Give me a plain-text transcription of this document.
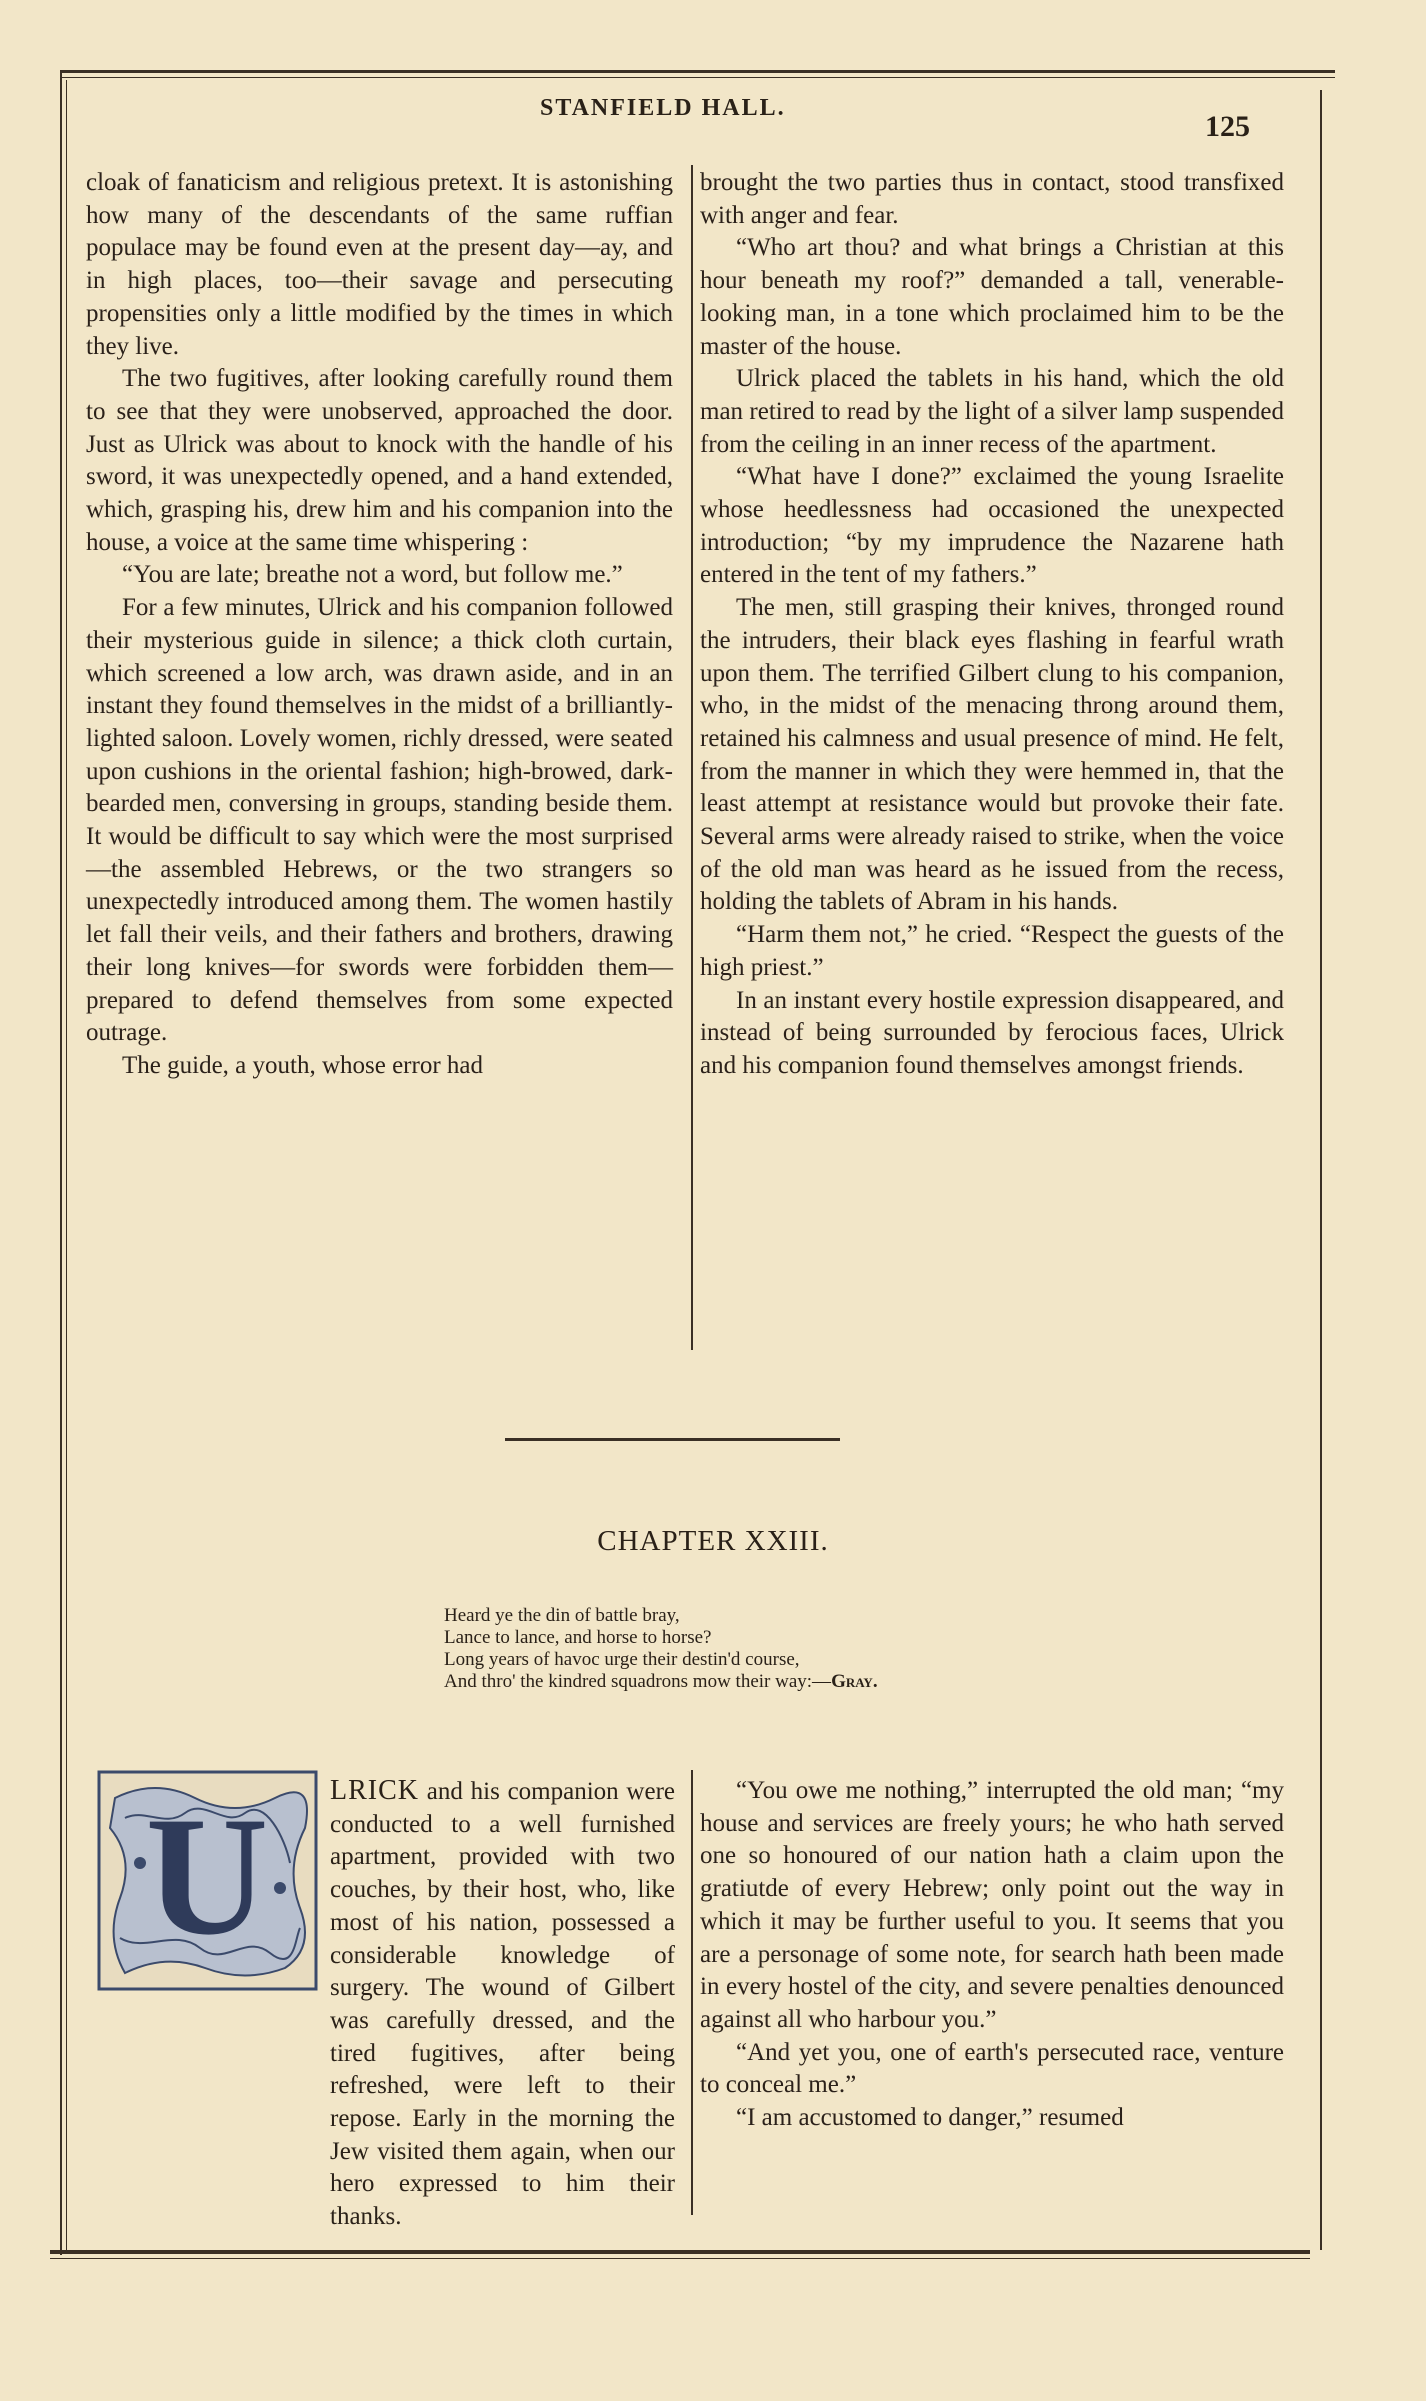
STANFIELD HALL.
125

cloak of fanaticism and religious pretext. It is astonishing how many of the descendants of the same ruffian populace may be found even at the present day—ay, and in high places, too—their savage and persecuting propensities only a little modified by the times in which they live.

The two fugitives, after looking carefully round them to see that they were unobserved, approached the door. Just as Ulrick was about to knock with the handle of his sword, it was unexpectedly opened, and a hand extended, which, grasping his, drew him and his companion into the house, a voice at the same time whispering :

“You are late; breathe not a word, but follow me.”

For a few minutes, Ulrick and his companion followed their mysterious guide in silence; a thick cloth curtain, which screened a low arch, was drawn aside, and in an instant they found themselves in the midst of a brilliantly-lighted saloon. Lovely women, richly dressed, were seated upon cushions in the oriental fashion; high-browed, dark-bearded men, conversing in groups, standing beside them. It would be difficult to say which were the most surprised—the assembled Hebrews, or the two strangers so unexpectedly introduced among them. The women hastily let fall their veils, and their fathers and brothers, drawing their long knives—for swords were forbidden them—prepared to defend themselves from some expected outrage.

The guide, a youth, whose error had

brought the two parties thus in contact, stood transfixed with anger and fear.

“Who art thou? and what brings a Christian at this hour beneath my roof?” demanded a tall, venerable-looking man, in a tone which proclaimed him to be the master of the house.

Ulrick placed the tablets in his hand, which the old man retired to read by the light of a silver lamp suspended from the ceiling in an inner recess of the apartment.

“What have I done?” exclaimed the young Israelite whose heedlessness had occasioned the unexpected introduction; “by my imprudence the Nazarene hath entered in the tent of my fathers.”

The men, still grasping their knives, thronged round the intruders, their black eyes flashing in fearful wrath upon them. The terrified Gilbert clung to his companion, who, in the midst of the menacing throng around them, retained his calmness and usual presence of mind. He felt, from the manner in which they were hemmed in, that the least attempt at resistance would but provoke their fate. Several arms were already raised to strike, when the voice of the old man was heard as he issued from the recess, holding the tablets of Abram in his hands.

“Harm them not,” he cried. “Respect the guests of the high priest.”

In an instant every hostile expression disappeared, and instead of being surrounded by ferocious faces, Ulrick and his companion found themselves amongst friends.

CHAPTER XXIII.
Heard ye the din of battle bray,
Lance to lance, and horse to horse?
Long years of havoc urge their destin'd course,
And thro' the kindred squadrons mow their way:—Gray.
U LRICK and his companion were conducted to a well furnished apartment, provided with two couches, by their host, who, like most of his nation, possessed a considerable knowledge of surgery. The wound of Gilbert was carefully dressed, and the tired fugitives, after being refreshed, were left to their repose. Early in the morning the Jew visited them again, when our hero expressed to him their thanks.

“You owe me nothing,” interrupted the old man; “my house and services are freely yours; he who hath served one so honoured of our nation hath a claim upon the gratiutde of every Hebrew; only point out the way in which it may be further useful to you. It seems that you are a personage of some note, for search hath been made in every hostel of the city, and severe penalties denounced against all who harbour you.”

“And yet you, one of earth's persecuted race, venture to conceal me.”

“I am accustomed to danger,” resumed
